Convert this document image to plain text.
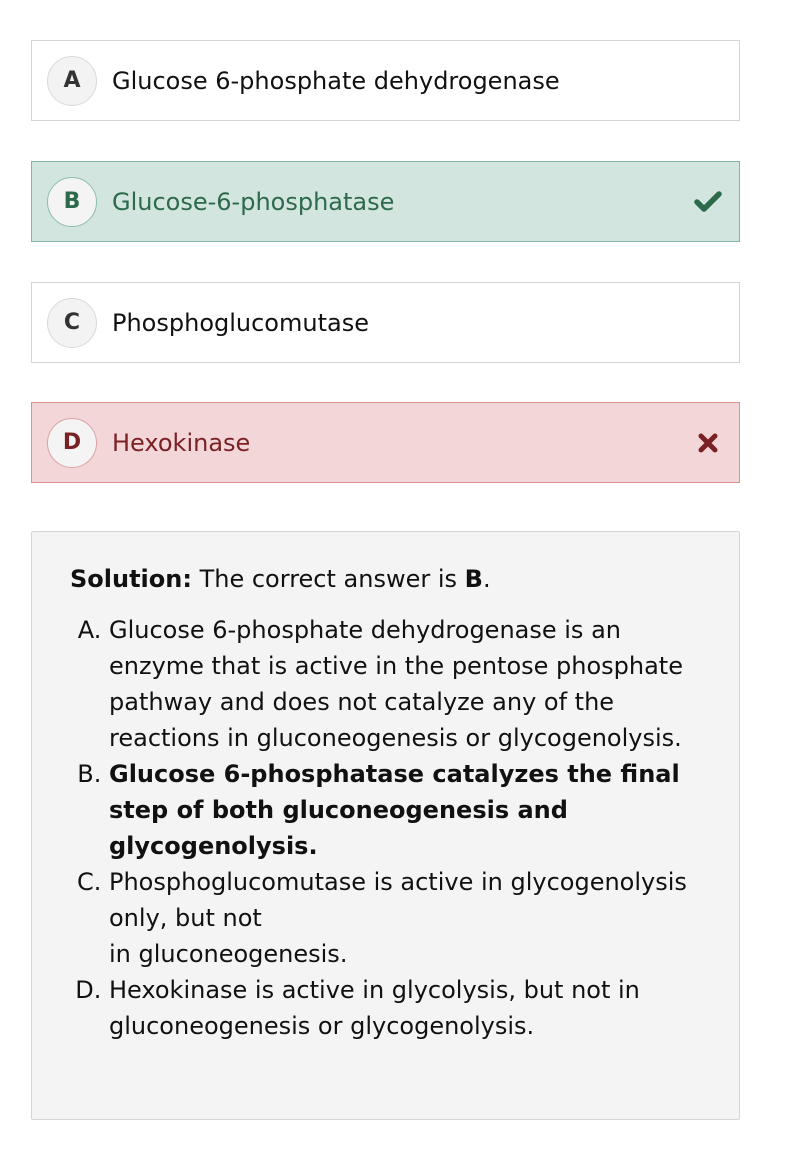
A	Glucose 6-phosphate dehydrogenase
B	Glucose-6-phosphatase
C	Phosphoglucomutase
D	Hexokinase

Solution: The correct answer is B.

A. Glucose 6-phosphate dehydrogenase is an enzyme that is active in the pentose phosphate pathway and does not catalyze any of the reactions in gluconeogenesis or glycogenolysis.
B. Glucose 6-phosphatase catalyzes the final step of both gluconeogenesis and glycogenolysis.
C. Phosphoglucomutase is active in glycogenolysis only, but not
in gluconeogenesis.
D. Hexokinase is active in glycolysis, but not in gluconeogenesis or glycogenolysis.
